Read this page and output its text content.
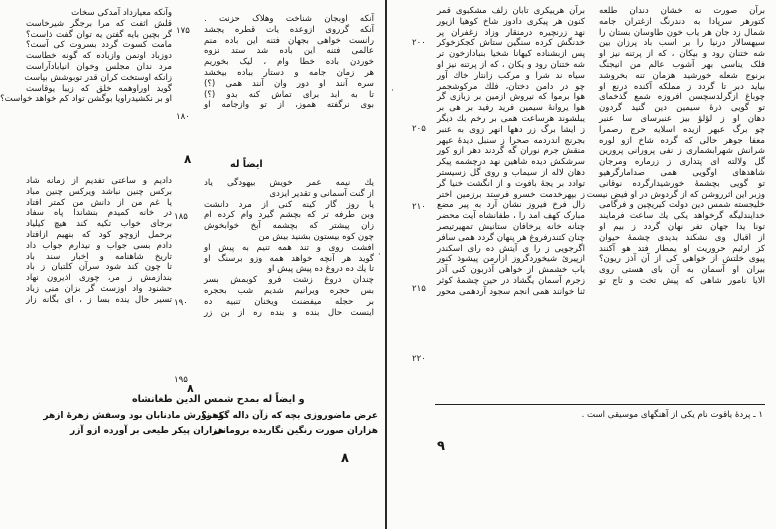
آنکه اوبجان شناخت وهلاک حزنت .
آنکه گرروی ازوعده یات قطره یجشد
رانست خواهی بجهان فتنه این باده منم
عالمی فتنه این باده شد ستد نزوه
خوردن باده خطا وام ، لیک بخوریم
هر زمان جامه و دستار بباده بیخشد
سره آنند او دور وان آنند همی (؟)
تا به ابد برای تماش کنه بدو (؟)
بوی نرگفته هموز، از تو وازجامه او
۱۷۵
۱۸۰
ایضاً له
یك نیمه عمر خویش بیهودگی یاد
از گنت آسمانی و تقدیر ایزدی
یا روز گار کینه کنی از مرد دانشت
وبن طرفه تر که بچشم گیرد وام کرده ام
زان پیشتر که بچشمه آبخ خوابخوش
چون کوه بیستون بشنید بیش من
افشت روی و تند همه تنیم به پیش او
گوید هر آنچه خواهد همه وزو برسنگ او
تا یك ده دروغ ده پیش پیش او
چندان دروغ زشت فرو کوبمش بسر
بس حجره ویرانیم شدیم شب بحجره
بر حجله میفضنت ویخنان تنبیه ده
اینست حال بنده و بنده ره از بن زر
۱۸۵
۱۹۰
۱۹۵
وآنکه معیارداد آمدکی سخات
قلش اثفت که مرا برجگر شیرخاست
گر بچین بایه گفتن یه توان گفت ذاست؟
مامت کسوت گردد بسروت کی آست؟
دوزباد اونمن وازباده که گونه خطاست
مرد ندان مجلس وخوان انیابادآراست
زانکه اوستخت کران قدر توبوشش بپاست
گوید اوراوهمه خلق که زیبا یوقاست
او بر نکشیدراویا بوگشن تواد کم خواهد خواست؟
۸
دادیم و ساعتی تفدیم از زمانه شاد
برکس چنین نباشد ویرکس چنین مباد
یا غم من از دانش من کمتر افتاد
در خانه کمیدم بنشاندا پاه سفاد
برجای خواب تکیه کند هیچ کیلیاد
برحمل ازوچو کود که بنهیم ازافتاد
دادم بسی جواب و نیدارم جواب داد
تاریخ شاهنامه و اخبار سند باد
تا چون کند شود سرآن کلتبان ز باد
بندازمش ز مر، چوری اذیرون نهاد
حشنود واد اوزست گر بزان منی زباد
تسیر حال ینده بسا ز ، ای بگانه زار
۸
و ایضاً له بمدح شمس الدین طغانشاه
عرض ماضوروزی بچه که زآن داله گوهر؟
که نورش مادنابان بود وسفش زهرۀ ازهر
هزاران صورت رنگین نگاربده برومانی
هزاران پیکر طیعی بر آورده ازو آزر
۸
·
برآن صورت نه خشان دندان طلعه
کتورهر سرپادا به دندرنگ ازغتران جامه
شمال زد جان هر یاب خون طاوسان بستان را
سیهسالار درنیا را بر اسب باد پرزان بین
شه ختنان رود و بیکان ، که از پرتنه نیز او
فلک یناسی بهر آشوب عالم من انیجنگ
برنوج شعله خورشید هزمان تنه بخروشد
بیاید دبر تا گردد ز مملکه آکنده درنع او
چوباغ ازگرلدسچسن افروزه شمع گذخمای
تو گویی ذرۀ سیمین دین گنید گردون
دهان او ز لؤلؤ بیز عنبرسای سا عنبر
چو برگ عبهر ازیده اسلایه حرج رصمرا
معفا جوهر حالی که گرده شاخ ازو لوره
شرانش شهرابشماری ز نفی پرورانی پرورین
گل ولالته ای پتداری ز زرماره ومرجان
شاهدهای اوگویی همی صدامارگرهیو
تو گویی بچشمۀ خورشیدارگرده نوقانی
وزبر این اثرروشن که از گردوش در او فیض نیست
خلیجسته شمس دین دولت کیریچین و فرگامی
خدایندلیگه گرخواهد یکی یك ساعت فرمایند
تونا یدا جهان تفر نهان گردد ز بیم او
از اقبال وی نشکند بدیدی چشمۀ حیوان
کز ارئیم حروریت او یمطار فتد هو آکنند
پیوی خلتش از خواهی کی از آن آذز ریون؟
بیران او آسمان به آن بای هستی روی
الایا نامور شاهی که پیش تخت و تاج تو
برآن هرییکری تابان زلف مشکبوی قمر
کنون هر پیکری دادوز شاخ کوهیا ازیور
نهد زرنچیره درمنقار وزاد زغفران پر
خدنگش کرده سنگین ستاش کجکزخوکر
پس ازبشناده کیهانا شخیا بنبادازخون تر
شه ختنان رود و یکان ، که از پرتنه نیز او
سیاه ند شرا و مرکب زانتار خاك آور
چو در دامن دختان، فلك مركوشجمر
هوا برموا که نیروش ازمین بر زبازی گر
هوا یروانۀ سیمین فرید رفید بر هی بر
یبلشوند هرساعت همی بر رخم بك دیگر
ز ایشا برگ زر دهها انهر زوی به عنبر
بجرنج اندردمه صحرا ز سنبل دیدۀ عیهر
منقش جرم نوران گه گردند دهر ازو کور
سرشکش دیده شاهین نهد درچشمه پیکر
دهان لاله از سیماب و روی گل زسیستر
توادد بر یجۀ بافوت و از انگشت خنیا گر
ز بپهرخدمت خسرو فرستد برزمین اختر
زال فرخ فیروز نشان آرد به پیر مضع
مبارک کهف امد را ، طفانشاه آیت محضر
چنانه خانه یرخافان ستانیش تمهیرتیصر
چنان کتندرفروغ هر پنهان گردد همی سافر
اگرجویی ز را ی آیتش ده رای اسکندر
ازپیرئ شیخوردگروز ازارمن پیشوذ کنور
یاب خشمش از خواهی آذربون کنی آذر
زجرم آسمان یگشاد در حین چشمۀ کوثر
ثنا خوانند همی انجم سجود آردهمی محور
۲۰۰
۲۰۵
۲۱۰
۲۱۵
۲۲۰
۱ ـ پردۀ یاقوت نام یکی از آهنگهای موسیقی است .
۹
·
